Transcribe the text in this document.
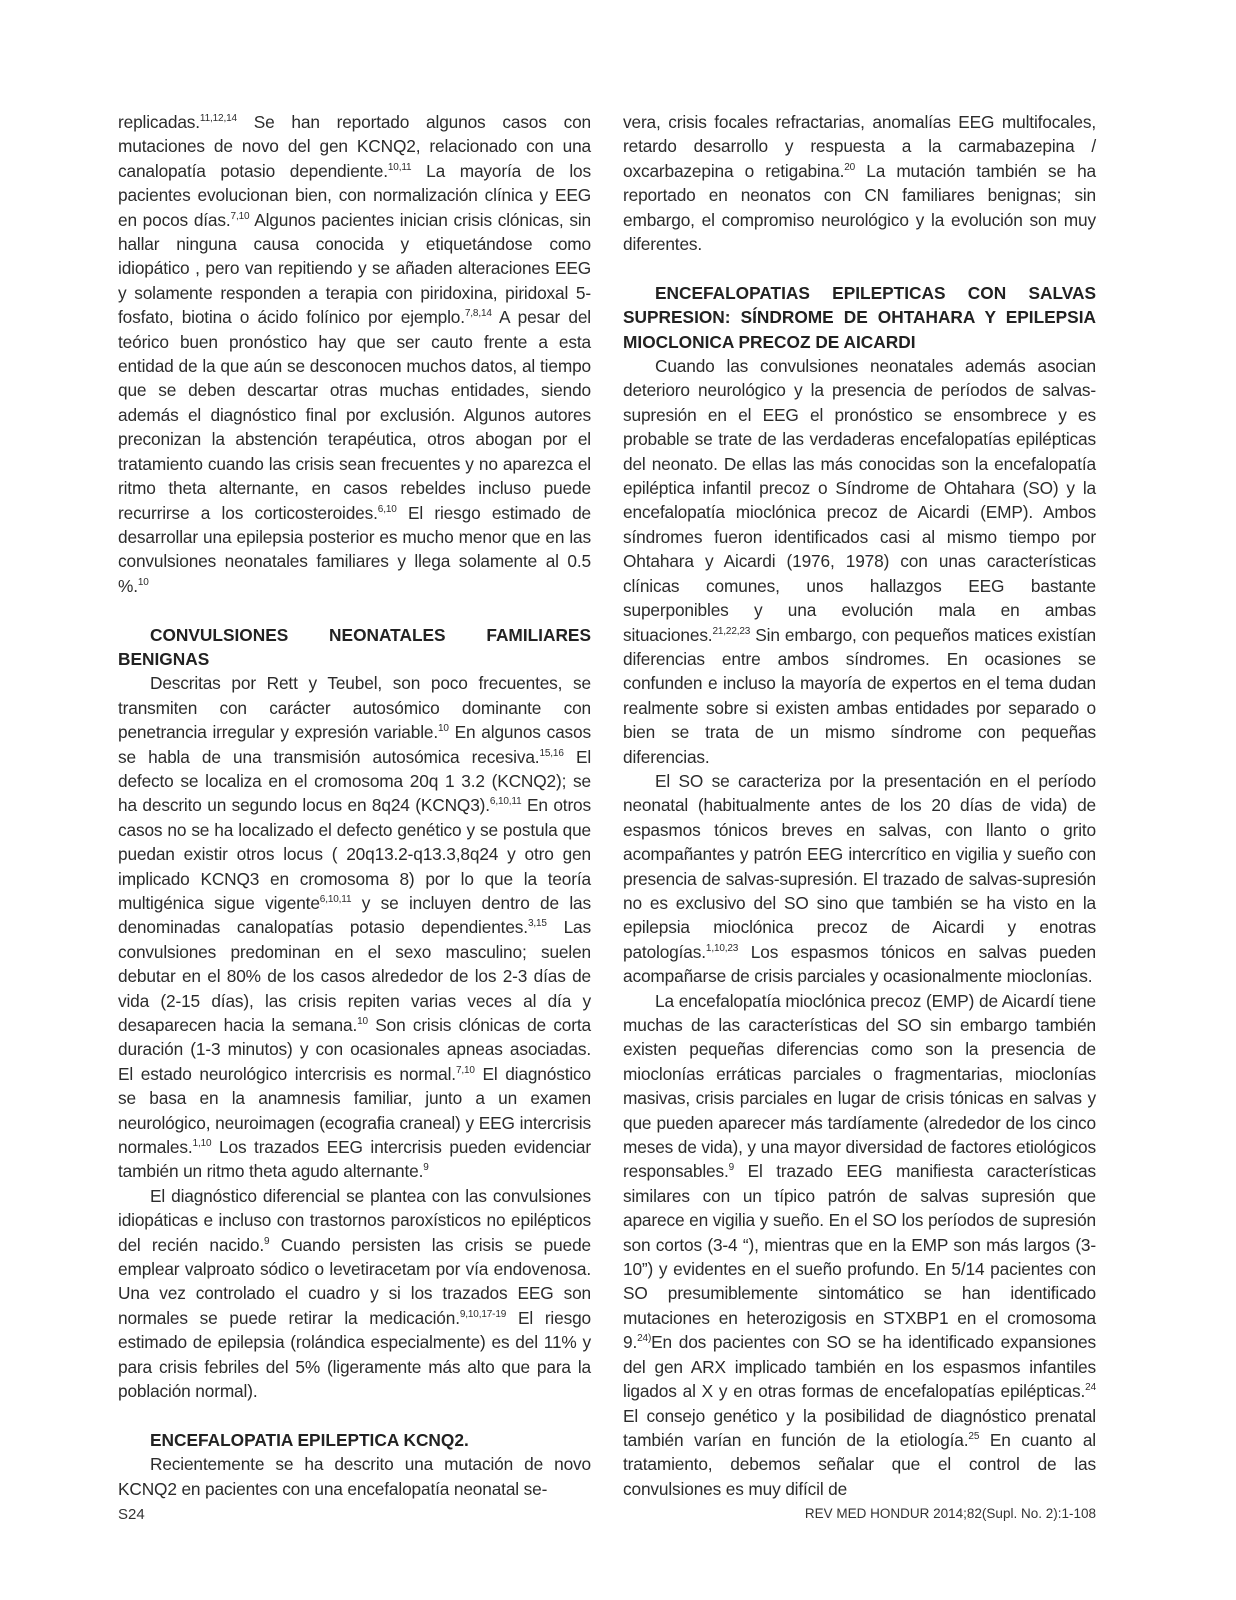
replicadas.$^{11,12,14}$ Se han reportado algunos casos con mutaciones de novo del gen KCNQ2, relacionado con una canalopatía potasio dependiente.$^{10,11}$ La mayoría de los pacientes evolucionan bien, con normalización clínica y EEG en pocos días.$^{7,10}$ Algunos pacientes inician crisis clónicas, sin hallar ninguna causa conocida y etiquetándose como idiopático , pero van repitiendo y se añaden alteraciones EEG y solamente responden a terapia con piridoxina, piridoxal 5-fosfato, biotina o ácido folínico por ejemplo.$^{7,8,14}$ A pesar del teórico buen pronóstico hay que ser cauto frente a esta entidad de la que aún se desconocen muchos datos, al tiempo que se deben descartar otras muchas entidades, siendo además el diagnóstico final por exclusión. Algunos autores preconizan la abstención terapéutica, otros abogan por el tratamiento cuando las crisis sean frecuentes y no aparezca el ritmo theta alternante, en casos rebeldes incluso puede recurrirse a los corticosteroides.$^{6,10}$ El riesgo estimado de desarrollar una epilepsia posterior es mucho menor que en las convulsiones neonatales familiares y llega solamente al 0.5 %.$^{10}$

CONVULSIONES NEONATALES FAMILIARES BENIGNAS

Descritas por Rett y Teubel, son poco frecuentes, se transmiten con carácter autosómico dominante con penetrancia irregular y expresión variable.$^{10}$ En algunos casos se habla de una transmisión autosómica recesiva.$^{15,16}$ El defecto se localiza en el cromosoma 20q 1 3.2 (KCNQ2); se ha descrito un segundo locus en 8q24 (KCNQ3).$^{6,10,11}$ En otros casos no se ha localizado el defecto genético y se postula que puedan existir otros locus ( 20q13.2-q13.3,8q24 y otro gen implicado KCNQ3 en cromosoma 8) por lo que la teoría multigénica sigue vigente$^{6,10,11}$ y se incluyen dentro de las denominadas canalopatías potasio dependientes.$^{3,15}$ Las convulsiones predominan en el sexo masculino; suelen debutar en el 80% de los casos alrededor de los 2-3 días de vida (2-15 días), las crisis repiten varias veces al día y desaparecen hacia la semana.$^{10}$ Son crisis clónicas de corta duración (1-3 minutos) y con ocasionales apneas asociadas. El estado neurológico intercrisis es normal.$^{7,10}$ El diagnóstico se basa en la anamnesis familiar, junto a un examen neurológico, neuroimagen (ecografia craneal) y EEG intercrisis normales.$^{1,10}$ Los trazados EEG intercrisis pueden evidenciar también un ritmo theta agudo alternante.$^9$

El diagnóstico diferencial se plantea con las convulsiones idiopáticas e incluso con trastornos paroxísticos no epilépticos del recién nacido.$^9$ Cuando persisten las crisis se puede emplear valproato sódico o levetiracetam por vía endovenosa. Una vez controlado el cuadro y si los trazados EEG son normales se puede retirar la medicación.$^{9,10,17-19}$ El riesgo estimado de epilepsia (rolándica especialmente) es del 11% y para crisis febriles del 5% (ligeramente más alto que para la población normal).

ENCEFALOPATIA EPILEPTICA KCNQ2.

Recientemente se ha descrito una mutación de novo KCNQ2 en pacientes con una encefalopatía neonatal se-

vera, crisis focales refractarias, anomalías EEG multifocales, retardo desarrollo y respuesta a la carmabazepina / oxcarbazepina o retigabina.$^{20}$ La mutación también se ha reportado en neonatos con CN familiares benignas; sin embargo, el compromiso neurológico y la evolución son muy diferentes.

ENCEFALOPATIAS EPILEPTICAS CON SALVAS SUPRESION: SÍNDROME DE OHTAHARA Y EPILEPSIA MIOCLONICA PRECOZ DE AICARDI

Cuando las convulsiones neonatales además asocian deterioro neurológico y la presencia de períodos de salvas-supresión en el EEG el pronóstico se ensombrece y es probable se trate de las verdaderas encefalopatías epilépticas del neonato. De ellas las más conocidas son la encefalopatía epiléptica infantil precoz o Síndrome de Ohtahara (SO) y la encefalopatía mioclónica precoz de Aicardi (EMP). Ambos síndromes fueron identificados casi al mismo tiempo por Ohtahara y Aicardi (1976, 1978) con unas características clínicas comunes, unos hallazgos EEG bastante superponibles y una evolución mala en ambas situaciones.$^{21,22,23}$ Sin embargo, con pequeños matices existían diferencias entre ambos síndromes. En ocasiones se confunden e incluso la mayoría de expertos en el tema dudan realmente sobre si existen ambas entidades por separado o bien se trata de un mismo síndrome con pequeñas diferencias.

El SO se caracteriza por la presentación en el período neonatal (habitualmente antes de los 20 días de vida) de espasmos tónicos breves en salvas, con llanto o grito acompañantes y patrón EEG intercrítico en vigilia y sueño con presencia de salvas-supresión. El trazado de salvas-supresión no es exclusivo del SO sino que también se ha visto en la epilepsia mioclónica precoz de Aicardi y enotras patologías.$^{1,10,23}$ Los espasmos tónicos en salvas pueden acompañarse de crisis parciales y ocasionalmente mioclonías.

La encefalopatía mioclónica precoz (EMP) de Aicardí tiene muchas de las características del SO sin embargo también existen pequeñas diferencias como son la presencia de mioclonías erráticas parciales o fragmentarias, mioclonías masivas, crisis parciales en lugar de crisis tónicas en salvas y que pueden aparecer más tardíamente (alrededor de los cinco meses de vida), y una mayor diversidad de factores etiológicos responsables.$^9$ El trazado EEG manifiesta características similares con un típico patrón de salvas supresión que aparece en vigilia y sueño. En el SO los períodos de supresión son cortos (3-4 “), mientras que en la EMP son más largos (3-10”) y evidentes en el sueño profundo. En 5/14 pacientes con SO presumiblemente sintomático se han identificado mutaciones en heterozigosis en STXBP1 en el cromosoma 9.$^{24)}$En dos pacientes con SO se ha identificado expansiones del gen ARX implicado también en los espasmos infantiles ligados al X y en otras formas de encefalopatías epilépticas.$^{24}$ El consejo genético y la posibilidad de diagnóstico prenatal también varían en función de la etiología.$^{25}$ En cuanto al tratamiento, debemos señalar que el control de las convulsiones es muy difícil de

S24	REV MED HONDUR 2014;82(Supl. No. 2):1-108
